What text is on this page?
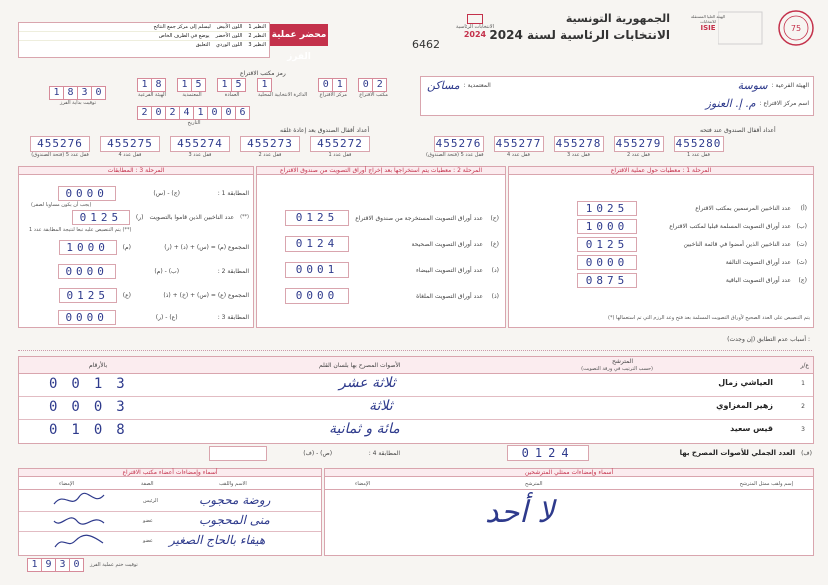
75
الهيئة العليا المستقلة للانتخابات
ISIE
الجمهورية التونسية
الانتخابات الرئاسية لسنة 2024
الانتخابات الرئاسية
2024
6462
محضر عملية الفرز
النظير 1
اللون الأبيض
ليسلم إلى مركز جمع النتائج
النظير 2
اللون الأخضر
يوضع في الظرف الخاص
النظير 3
اللون الوردي
التعليق
الهيئة الفرعية :
سوسة
المعتمدية :
مساكن
اسم مركز الاقتراع :
م. إ. العنوز
رمز مكتب الاقتراع
1 8
الهيئة الفرعية
1 5
المعتمدية
1 5
العمادة
1
الدائرة الانتخابية المحلية
0 1
مركز الاقتراع
0 2
مكتب الاقتراع
2 0 2 4 1 0 0 6
التاريخ
1 8 3 0
توقيت بداية الفرز
أعداد أقفال الصندوق عند فتحه
455280
قفل عدد 1
455279
قفل عدد 2
455278
قفل عدد 3
455277
قفل عدد 4
455276
قفل عدد 5 (فتحة الصندوق)
أعداد أقفال الصندوق بعد إعادة غلقه
455272
قفل عدد 1
455273
قفل عدد 2
455274
قفل عدد 3
455275
قفل عدد 4
455276
قفل عدد 5 (فتحة الصندوق)
المرحلة 1 : معطيات حول عملية الاقتراع
(أ)
عدد الناخبين المرسمين بمكتب الاقتراع
1025
(ب)
عدد أوراق التصويت المسلمة قبليا لمكتب الاقتراع
1000
(ت)
عدد الناخبين الذين أمضوا في قائمة الناخبين
0125
(ث)
عدد أوراق التصويت التالفة
0000
(ج)
عدد أوراق التصويت الباقية
0875
(*) يتم التنصيص على العدد الصحيح لأوراق التصويت المسلمة بعد فتح وعد الرزم التي تم استعمالها
المرحلة 2 : معطيات يتم استخراجها بعد إخراج أوراق التصويت من صندوق الاقتراع
(ح)
عدد أوراق التصويت المستخرجة من صندوق الاقتراع
0125
(خ)
عدد أوراق التصويت الصحيحة
0124
(د)
عدد أوراق التصويت البيضاء
0001
(ذ)
عدد أوراق التصويت الملغاة
0000
المرحلة 3 : المطابقات
المطابقة 1 :
(ج) - (س)
0000
(يجب أن يكون مساويا لصفر)
(**)
عدد الناخبين الذين قاموا بالتصويت
(ر)
0125
(**) يتم التنصيص عليه تبعا لنتيجة المطابقة عدد 1
المجموع (م) = (س) + (د) + (ر)
(م)
1000
المطابقة 2 :
(ب) - (م)
0000
المجموع (ع) = (س) + (خ) + (ذ)
(ع)
0125
المطابقة 3 :
(ع) - (ر)
0000
أسباب عدم التطابق (إن وجدت) :
ع/ر
المترشح
(حسب الترتيب في ورقة التصويت)
الأصوات المصرح بها بلسان القلم
بالأرقام
1
العياشي زمال
ثلاثة عشر
0013
2
زهير المغزاوي
ثلاثة
0003
3
قيس سعيد
مائة و ثمانية
0108
(ف)
العدد الجملي للأصوات المصرح بها
0124
المطابقة 4 :
(ص) - (ف)
أسماء وإمضاءات ممثلي المترشحين
إسم ولقب ممثل المترشح
المترشح
الإمضاء
لا أحد
أسماء وإمضاءات أعضاء مكتب الاقتراع
الاسم واللقب
الصفة
الإمضاء
روضة محجوب
الرئيس
منى المحجوب
عضو
هيفاء بالحاج الصغير
عضو
1 9 3 0	توقيت ختم عملية الفرز
